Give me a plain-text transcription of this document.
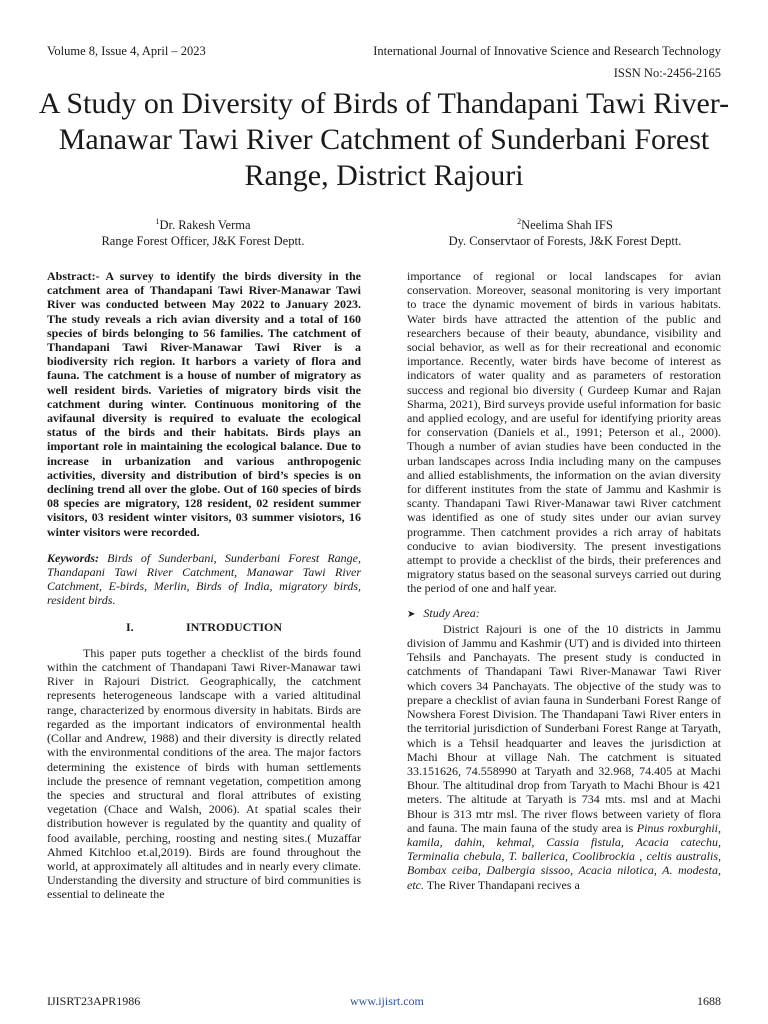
Volume 8, Issue 4, April – 2023	International Journal of Innovative Science and Research Technology
ISSN No:-2456-2165
A Study on Diversity of Birds of Thandapani Tawi River-Manawar Tawi River Catchment of Sunderbani Forest Range, District Rajouri
$^1$Dr. Rakesh Verma
Range Forest Officer, J&K Forest Deptt.
$^2$Neelima Shah IFS
Dy. Conservtaor of Forests, J&K Forest Deptt.

Abstract:- A survey to identify the birds diversity in the catchment area of Thandapani Tawi River-Manawar Tawi River was conducted between May 2022 to January 2023. The study reveals a rich avian diversity and a total of 160 species of birds belonging to 56 families. The catchment of Thandapani Tawi River-Manawar Tawi River is a biodiversity rich region. It harbors a variety of flora and fauna. The catchment is a house of number of migratory as well resident birds. Varieties of migratory birds visit the catchment during winter. Continuous monitoring of the avifaunal diversity is required to evaluate the ecological status of the birds and their habitats. Birds plays an important role in maintaining the ecological balance. Due to increase in urbanization and various anthropogenic activities, diversity and distribution of bird’s species is on declining trend all over the globe. Out of 160 species of birds 08 species are migratory, 128 resident, 02 resident summer visitors, 03 resident winter visitors, 03 summer visiotors, 16 winter visitors were recorded.

Keywords: Birds of Sunderbani, Sunderbani Forest Range, Thandapani Tawi River Catchment, Manawar Tawi River Catchment, E-birds, Merlin, Birds of India, migratory birds, resident birds.

I.	INTRODUCTION

This paper puts together a checklist of the birds found within the catchment of Thandapani Tawi River-Manawar tawi River in Rajouri District. Geographically, the catchment represents heterogeneous landscape with a varied altitudinal range, characterized by enormous diversity in habitats. Birds are regarded as the important indicators of environmental health (Collar and Andrew, 1988) and their diversity is directly related with the environmental conditions of the area. The major factors determining the existence of birds with human settlements include the presence of remnant vegetation, competition among the species and structural and floral attributes of existing vegetation (Chace and Walsh, 2006). At spatial scales their distribution however is regulated by the quantity and quality of food available, perching, roosting and nesting sites.( Muzaffar Ahmed Kitchloo et.al,2019). Birds are found throughout the world, at approximately all altitudes and in nearly every climate. Understanding the diversity and structure of bird communities is essential to delineate the

importance of regional or local landscapes for avian conservation. Moreover, seasonal monitoring is very important to trace the dynamic movement of birds in various habitats. Water birds have attracted the attention of the public and researchers because of their beauty, abundance, visibility and social behavior, as well as for their recreational and economic importance. Recently, water birds have become of interest as indicators of water quality and as parameters of restoration success and regional bio diversity ( Gurdeep Kumar and Rajan Sharma, 2021), Bird surveys provide useful information for basic and applied ecology, and are useful for identifying priority areas for conservation (Daniels et al., 1991; Peterson et al., 2000). Though a number of avian studies have been conducted in the urban landscapes across India including many on the campuses and allied establishments, the information on the avian diversity for different institutes from the state of Jammu and Kashmir is scanty. Thandapani Tawi River-Manawar tawi River catchment was identified as one of study sites under our avian survey programme. Then catchment provides a rich array of habitats conducive to avian biodiversity. The present investigations attempt to provide a checklist of the birds, their preferences and migratory status based on the seasonal surveys carried out during the period of one and half year.

➤ Study Area:

District Rajouri is one of the 10 districts in Jammu division of Jammu and Kashmir (UT) and is divided into thirteen Tehsils and Panchayats. The present study is conducted in catchments of Thandapani Tawi River-Manawar Tawi River which covers 34 Panchayats. The objective of the study was to prepare a checklist of avian fauna in Sunderbani Forest Range of Nowshera Forest Division. The Thandapani Tawi River enters in the territorial jurisdiction of Sunderbani Forest Range at Taryath, which is a Tehsil headquarter and leaves the jurisdiction at Machi Bhour at village Nah. The catchment is situated 33.151626, 74.558990 at Taryath and 32.968, 74.405 at Machi Bhour. The altitudinal drop from Taryath to Machi Bhour is 421 meters. The altitude at Taryath is 734 mts. msl and at Machi Bhour is 313 mtr msl. The river flows between variety of flora and fauna. The main fauna of the study area is Pinus roxburghii, kamila, dahin, kehmal, Cassia fistula, Acacia catechu, Terminalia chebula, T. ballerica, Coolibrockia , celtis australis, Bombax ceiba, Dalbergia sissoo, Acacia nilotica, A. modesta, etc. The River Thandapani recives a

IJISRT23APR1986	www.ijisrt.com	1688
